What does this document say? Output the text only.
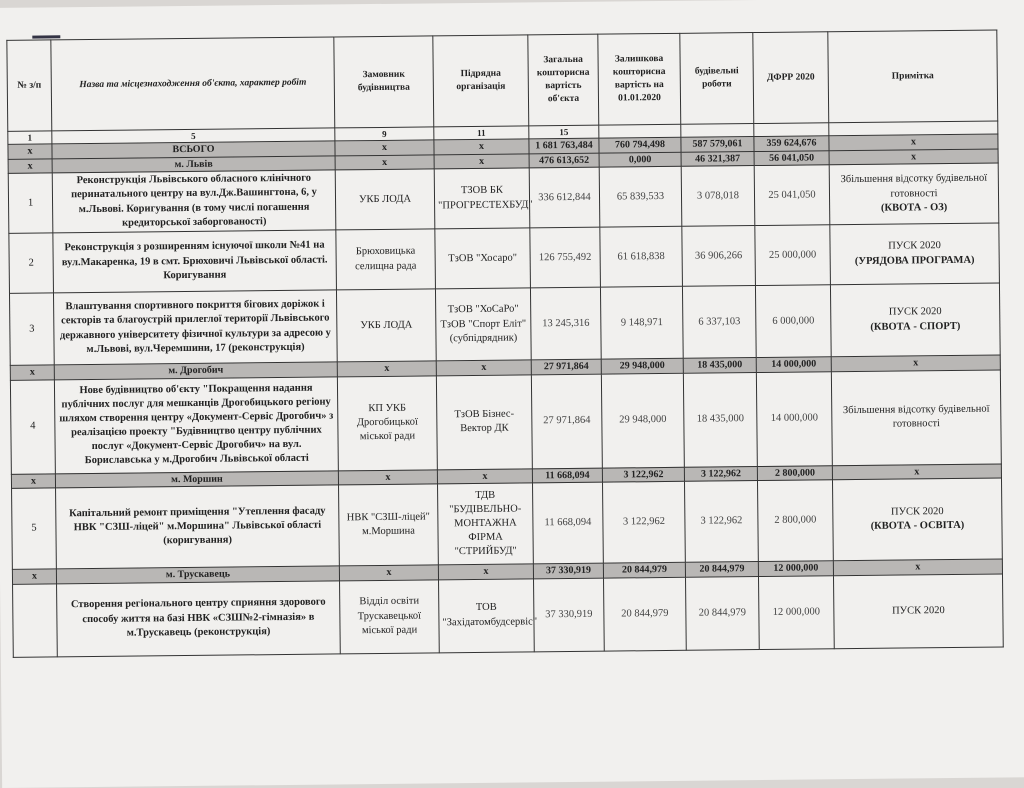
№ з/п	Назва та місцезнаходження об'єкта, характер робіт	Замовник будівництва	Підрядна організація	Загальна кошторисна вартість об'єкта	Залишкова кошторисна вартість на 01.01.2020	будівельні роботи	ДФРР 2020	Примітка
1	5	9	11	15				
x	ВСЬОГО	x	x	1 681 763,484	760 794,498	587 579,061	359 624,676	x
x	м. Львів	x	x	476 613,652	0,000	46 321,387	56 041,050	x
1	Реконструкція Львівського обласного клінічного перинатального центру на вул.Дж.Вашингтона, 6, у м.Львові. Коригування (в тому числі погашення кредиторської заборгованості)	УКБ ЛОДА	ТЗОВ БК "ПРОГРЕСТЕХБУД"	336 612,844	65 839,533	3 078,018	25 041,050	Збільшення відсотку будівельної готовності
(КВОТА - ОЗ)

2	Реконструкція з розширенням існуючої школи №41 на вул.Макаренка, 19 в смт. Брюховичі Львівської області. Коригування	Брюховицька селищна рада	ТзОВ "Хосаро"	126 755,492	61 618,838	36 906,266	25 000,000	ПУСК 2020
(УРЯДОВА ПРОГРАМА)

3	Влаштування спортивного покриття бігових доріжок і секторів та благоустрій прилеглої території Львівського державного університету фізичної культури за адресою у м.Львові, вул.Черемшини, 17 (реконструкція)	УКБ ЛОДА	ТзОВ "ХоСаРо" ТзОВ "Спорт Еліт" (субпідрядник)	13 245,316	9 148,971	6 337,103	6 000,000	ПУСК 2020
(КВОТА - СПОРТ)

x	м. Дрогобич	x	x	27 971,864	29 948,000	18 435,000	14 000,000	x
4	Нове будівництво об'єкту "Покращення надання публічних послуг для мешканців Дрогобицького регіону шляхом створення центру «Документ-Сервіс Дрогобич» з реалізацією проекту "Будівництво центру публічних послуг «Документ-Сервіс Дрогобич» на вул. Бориславська у м.Дрогобич Львівської області	КП УКБ Дрогобицької міської ради	ТзОВ Бізнес-Вектор ДК	27 971,864	29 948,000	18 435,000	14 000,000	Збільшення відсотку будівельної готовності

x	м. Моршин	x	x	11 668,094	3 122,962	3 122,962	2 800,000	x
5	Капітальний ремонт приміщення "Утеплення фасаду НВК "СЗШ-ліцей" м.Моршина" Львівської області (коригування)	НВК "СЗШ-ліцей" м.Моршина	ТДВ "БУДІВЕЛЬНО-МОНТАЖНА ФІРМА "СТРИЙБУД"	11 668,094	3 122,962	3 122,962	2 800,000	ПУСК 2020
(КВОТА - ОСВІТА)

x	м. Трускавець	x	x	37 330,919	20 844,979	20 844,979	12 000,000	x
	Створення регіонального центру сприяння здорового способу життя на базі НВК «СЗШ№2-гімназія» в м.Трускавець (реконструкція)	Відділ освіти Трускавецької міської ради	ТОВ "Західатомбудсервіс"	37 330,919	20 844,979	20 844,979	12 000,000	ПУСК 2020
